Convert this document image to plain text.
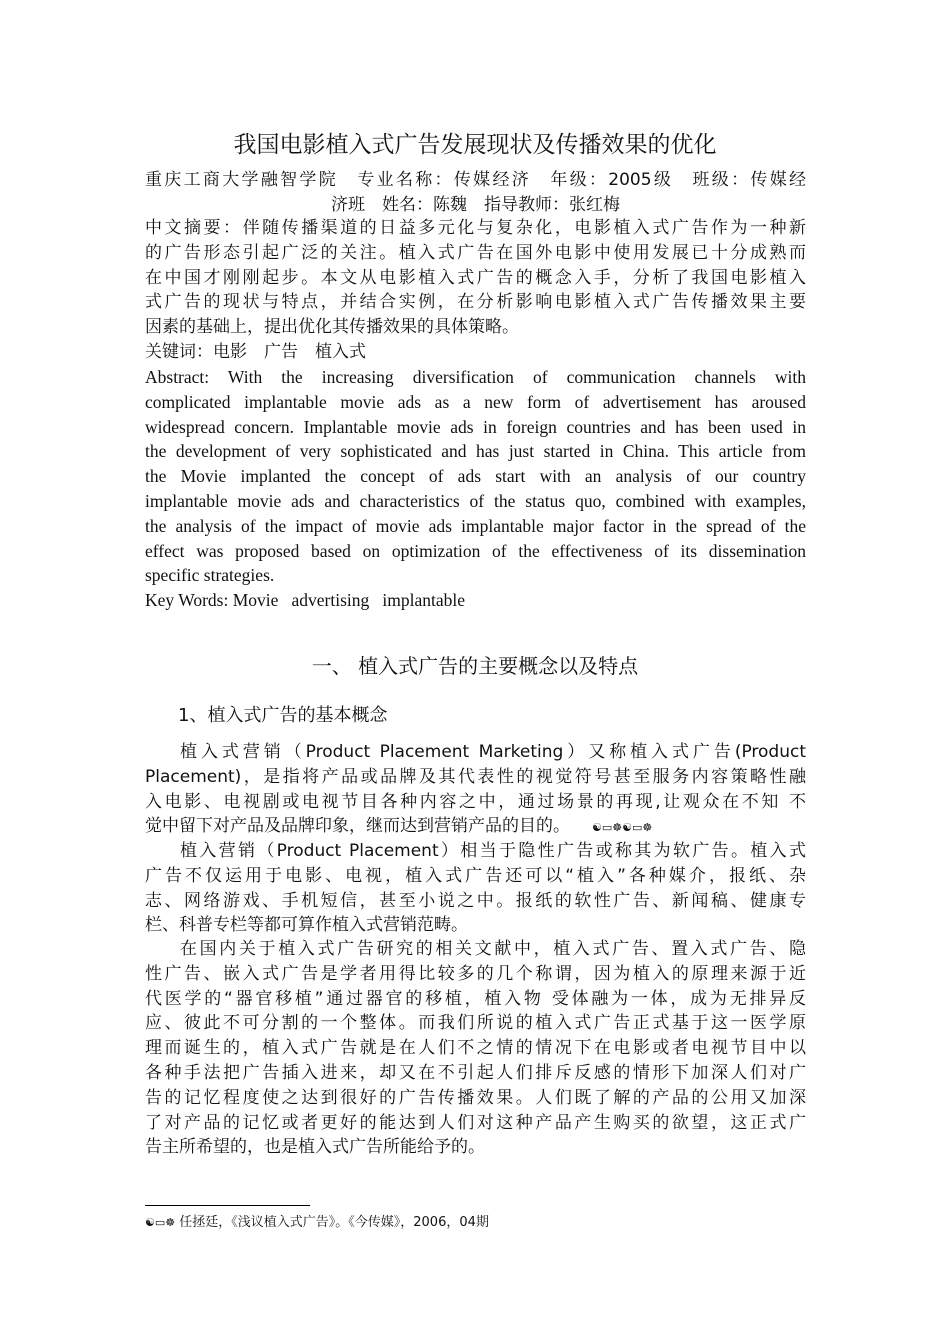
我国电影植入式广告发展现状及传播效果的优化
重庆工商大学融智学院　专业名称：传媒经济　年级：2005级　班级：传媒经
济班　姓名：陈魏　指导教师：张红梅
中文摘要：伴随传播渠道的日益多元化与复杂化，电影植入式广告作为一种新
的广告形态引起广泛的关注。植入式广告在国外电影中使用发展已十分成熟而
在中国才刚刚起步。本文从电影植入式广告的概念入手，分析了我国电影植入
式广告的现状与特点，并结合实例，在分析影响电影植入式广告传播效果主要
因素的基础上，提出优化其传播效果的具体策略。
关键词：电影　广告　植入式
Abstract: With the increasing diversification of communication channels with
complicated implantable movie ads as a new form of advertisement has aroused
widespread concern. Implantable movie ads in foreign countries and has been used in
the development of very sophisticated and has just started in China. This article from
the Movie implanted the concept of ads start with an analysis of our country
implantable movie ads and characteristics of the status quo, combined with examples,
the analysis of the impact of movie ads implantable major factor in the spread of the
effect was proposed based on optimization of the effectiveness of its dissemination
specific strategies.
Key Words: Movie   advertising   implantable
一、 植入式广告的主要概念以及特点
1、植入式广告的基本概念
植入式营销（Product Placement Marketing）又称植入式广告(Product
Placement)，是指将产品或品牌及其代表性的视觉符号甚至服务内容策略性融
入电影、电视剧或电视节目各种内容之中，通过场景的再现,让观众在不知 不
觉中留下对产品及品牌印象，继而达到营销产品的目的。 ☯▭☸☯▭☸
植入营销（Product Placement）相当于隐性广告或称其为软广告。植入式
广告不仅运用于电影、电视，植入式广告还可以“植入”各种媒介，报纸、杂
志、网络游戏、手机短信，甚至小说之中。报纸的软性广告、新闻稿、健康专
栏、科普专栏等都可算作植入式营销范畴。
在国内关于植入式广告研究的相关文献中，植入式广告、置入式广告、隐
性广告、嵌入式广告是学者用得比较多的几个称谓，因为植入的原理来源于近
代医学的“器官移植”通过器官的移植，植入物 受体融为一体，成为无排异反
应、彼此不可分割的一个整体。而我们所说的植入式广告正式基于这一医学原
理而诞生的，植入式广告就是在人们不之情的情况下在电影或者电视节目中以
各种手法把广告插入进来，却又在不引起人们排斥反感的情形下加深人们对广
告的记忆程度使之达到很好的广告传播效果。人们既了解的产品的公用又加深
了对产品的记忆或者更好的能达到人们对这种产品产生购买的欲望，这正式广
告主所希望的，也是植入式广告所能给予的。
☯▭☸ 任拯廷，《浅议植入式广告》。《今传媒》，2006，04期
